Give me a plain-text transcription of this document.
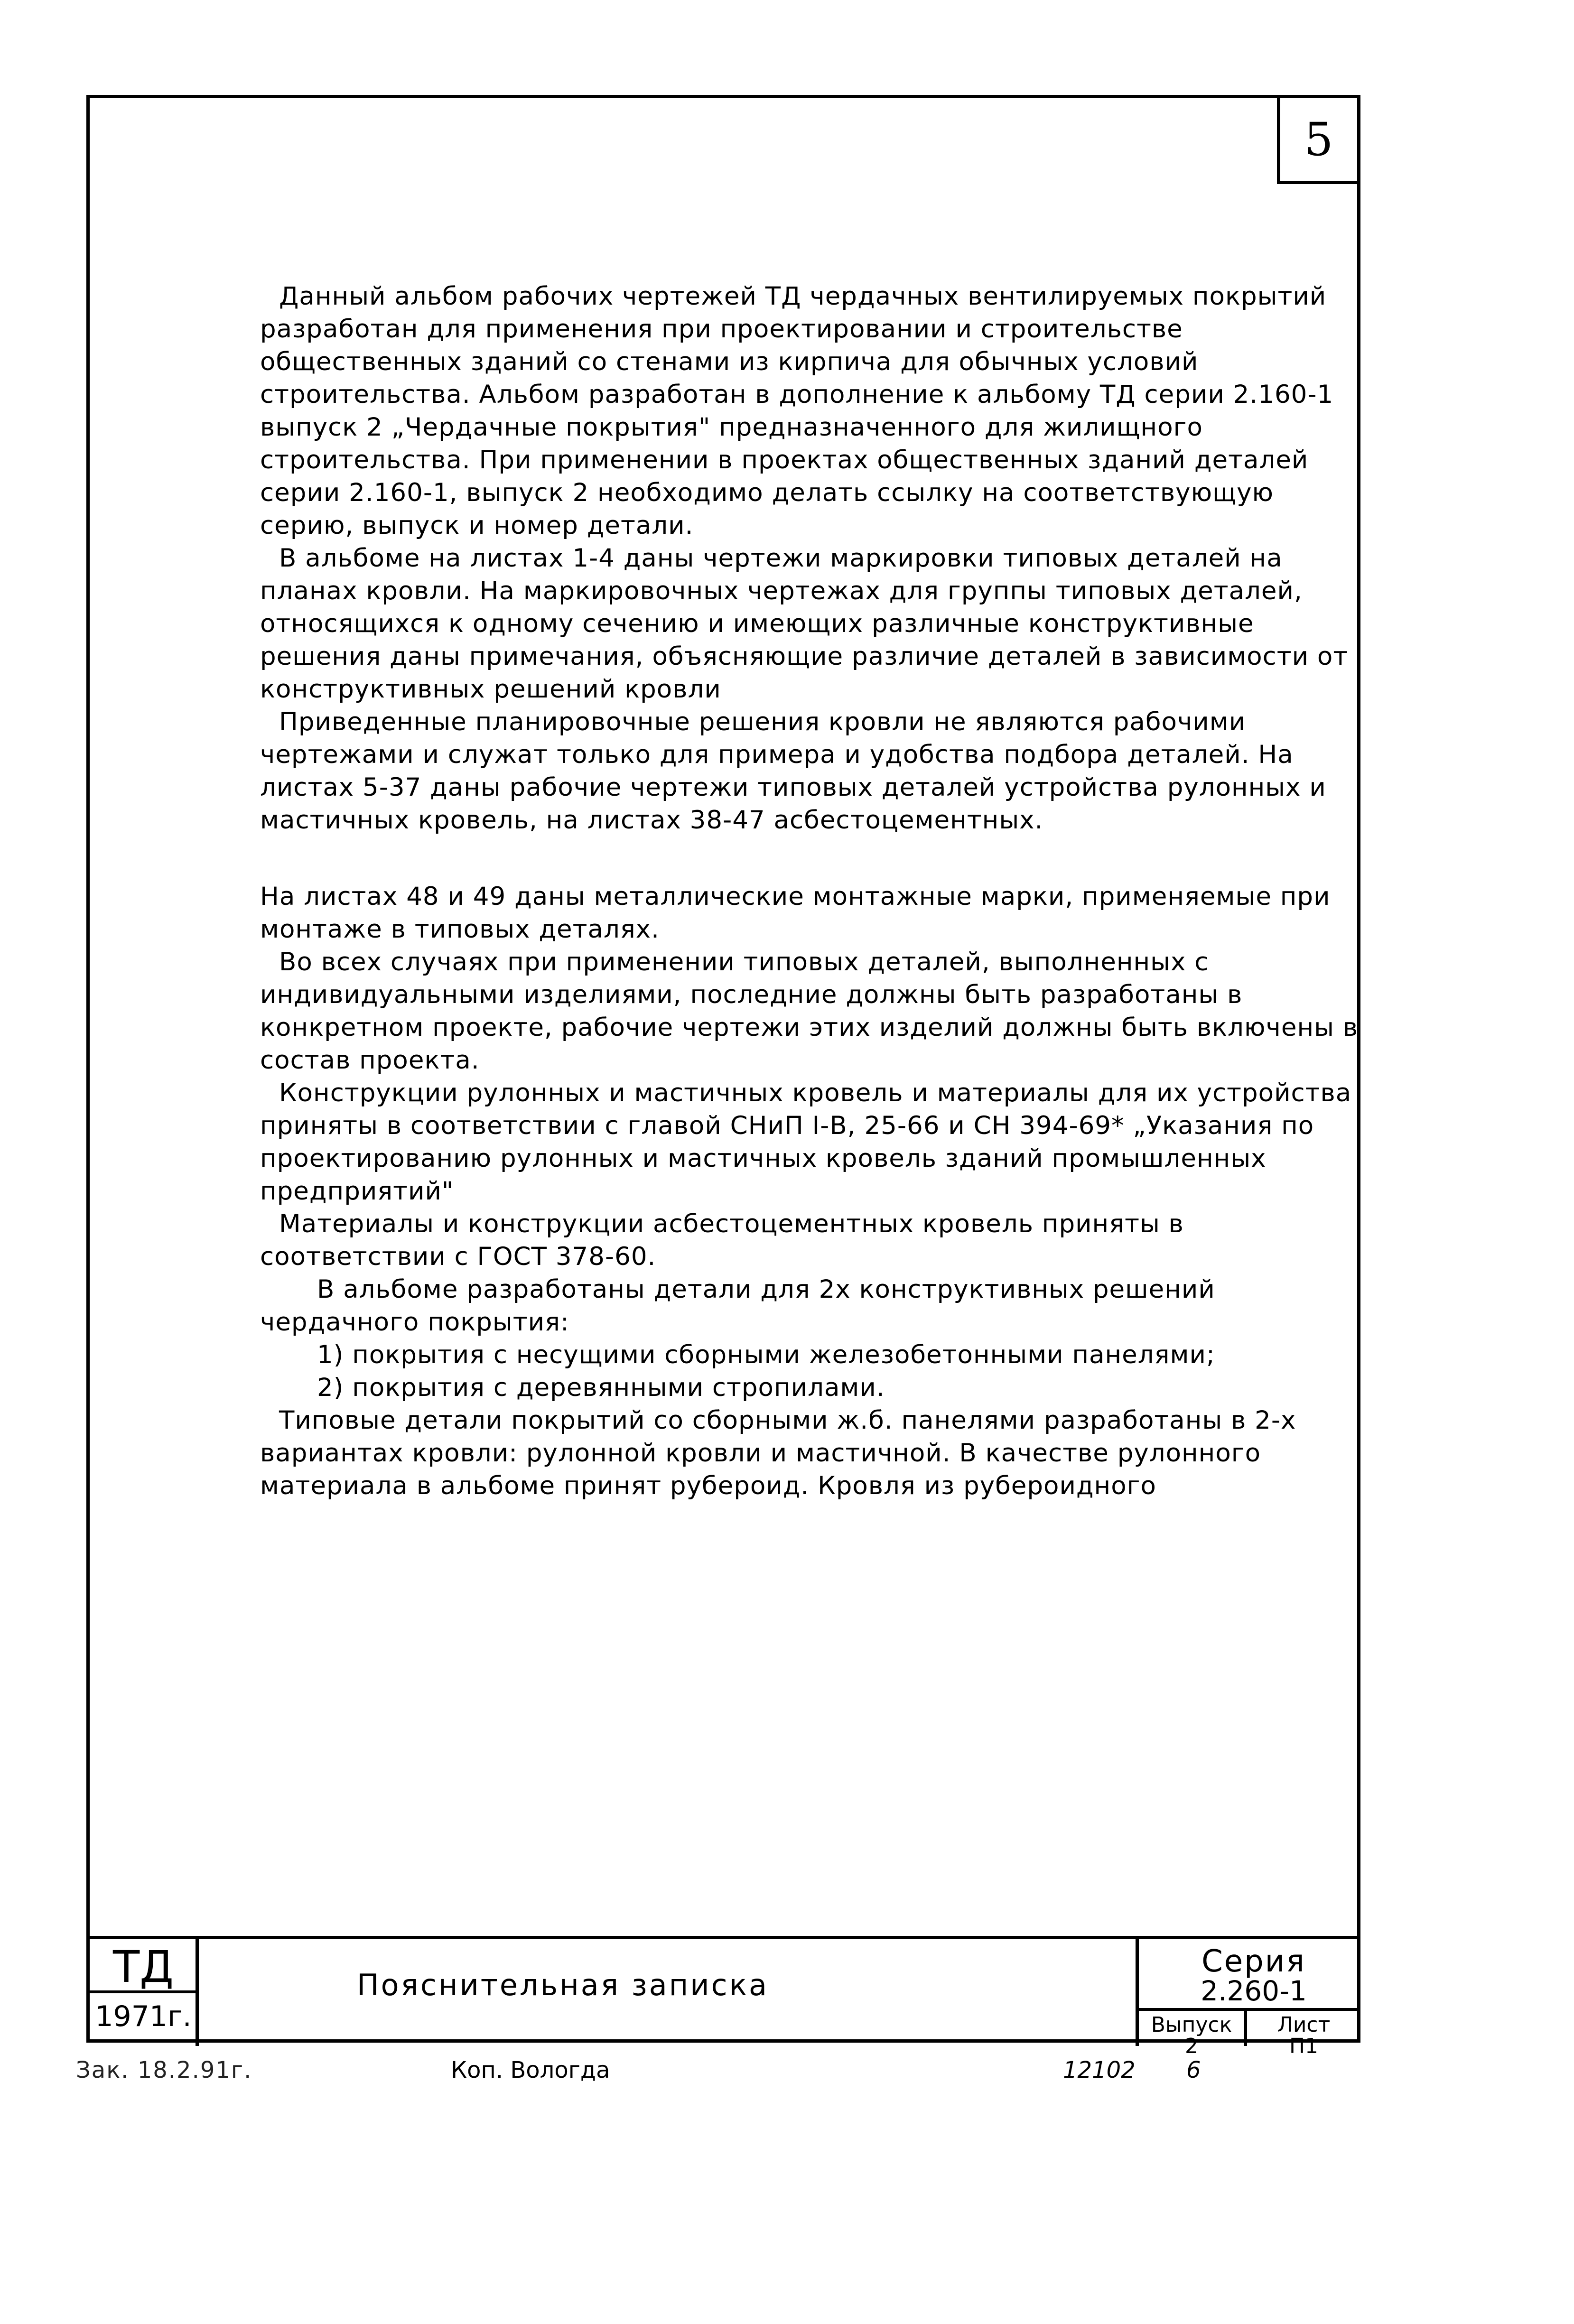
5

Данный альбом рабочих чертежей ТД чердачных вентилируемых покрытий разработан для применения при проектировании и строительстве общественных зданий со стенами из кирпича для обычных условий строительства. Альбом разработан в дополнение к альбому ТД серии 2.160-1 выпуск 2 „Чердачные покрытия" предназначенного для жилищного строительства. При применении в проектах общественных зданий деталей серии 2.160-1, выпуск 2 необходимо делать ссылку на соответствующую серию, выпуск и номер детали.

В альбоме на листах 1-4 даны чертежи маркировки типовых деталей на планах кровли. На маркировочных чертежах для группы типовых деталей, относящихся к одному сечению и имеющих различные конструктивные решения даны примечания, объясняющие различие деталей в зависимости от конструктивных решений кровли

Приведенные планировочные решения кровли не являются рабочими чертежами и служат только для примера и удобства подбора деталей. На листах 5-37 даны рабочие чертежи типовых деталей устройства рулонных и мастичных кровель, на листах 38-47 асбестоцементных.

На листах 48 и 49 даны металлические монтажные марки, применяемые при монтаже в типовых деталях.

Во всех случаях при применении типовых деталей, выполненных с индивидуальными изделиями, последние должны быть разработаны в конкретном проекте, рабочие чертежи этих изделий должны быть включены в состав проекта.

Конструкции рулонных и мастичных кровель и материалы для их устройства приняты в соответствии с главой СНиП I-В, 25-66 и СН 394-69* „Указания по проектированию рулонных и мастичных кровель зданий промышленных предприятий"

Материалы и конструкции асбестоцементных кровель приняты в соответствии с ГОСТ 378-60.

В альбоме разработаны детали для 2х конструктивных решений чердачного покрытия:

1) покрытия с несущими сборными железобетонными панелями;

2) покрытия с деревянными стропилами.

Типовые детали покрытий со сборными ж.б. панелями разработаны в 2-х вариантах кровли: рулонной кровли и мастичной. В качестве рулонного материала в альбоме принят рубероид. Кровля из рубероидного

ТД
1971г.
Пояснительная записка
Серия
2.260-1
Выпуск
2
Лист
П1
Зак. 18.2.91г.	Коп. Вологда	12102 6
